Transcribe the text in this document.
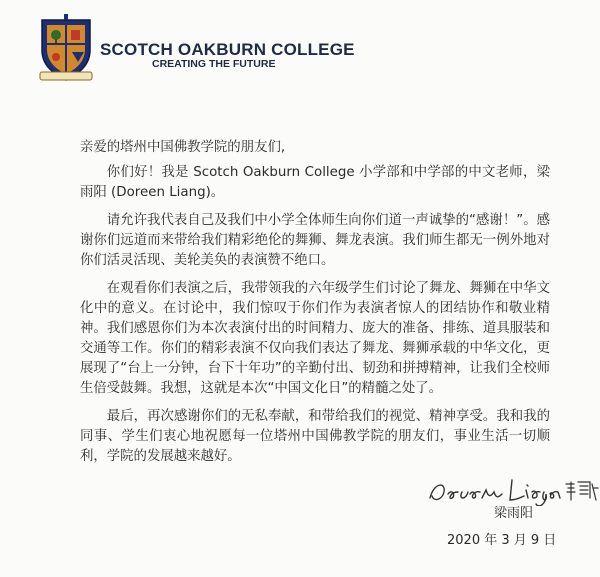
SCOTCH OAKBURN COLLEGE
CREATING THE FUTURE

亲爱的塔州中国佛教学院的朋友们,

你们好！我是 Scotch Oakburn College 小学部和中学部的中文老师，梁雨阳 (Doreen Liang)。

请允许我代表自己及我们中小学全体师生向你们道一声诚挚的“感谢！”。感谢你们远道而来带给我们精彩绝伦的舞狮、舞龙表演。我们师生都无一例外地对你们活灵活现、美轮美奂的表演赞不绝口。

在观看你们表演之后，我带领我的六年级学生们讨论了舞龙、舞狮在中华文化中的意义。在讨论中，我们惊叹于你们作为表演者惊人的团结协作和敬业精神。我们感恩你们为本次表演付出的时间精力、庞大的准备、排练、道具服装和交通等工作。你们的精彩表演不仅向我们表达了舞龙、舞狮承载的中华文化，更展现了“台上一分钟，台下十年功”的辛勤付出、韧劲和拼搏精神，让我们全校师生倍受鼓舞。我想，这就是本次“中国文化日”的精髓之处了。

最后，再次感谢你们的无私奉献，和带给我们的视觉、精神享受。我和我的同事、学生们衷心地祝愿每一位塔州中国佛教学院的朋友们，事业生活一切顺利，学院的发展越来越好。

梁雨阳
2020 年 3 月 9 日
